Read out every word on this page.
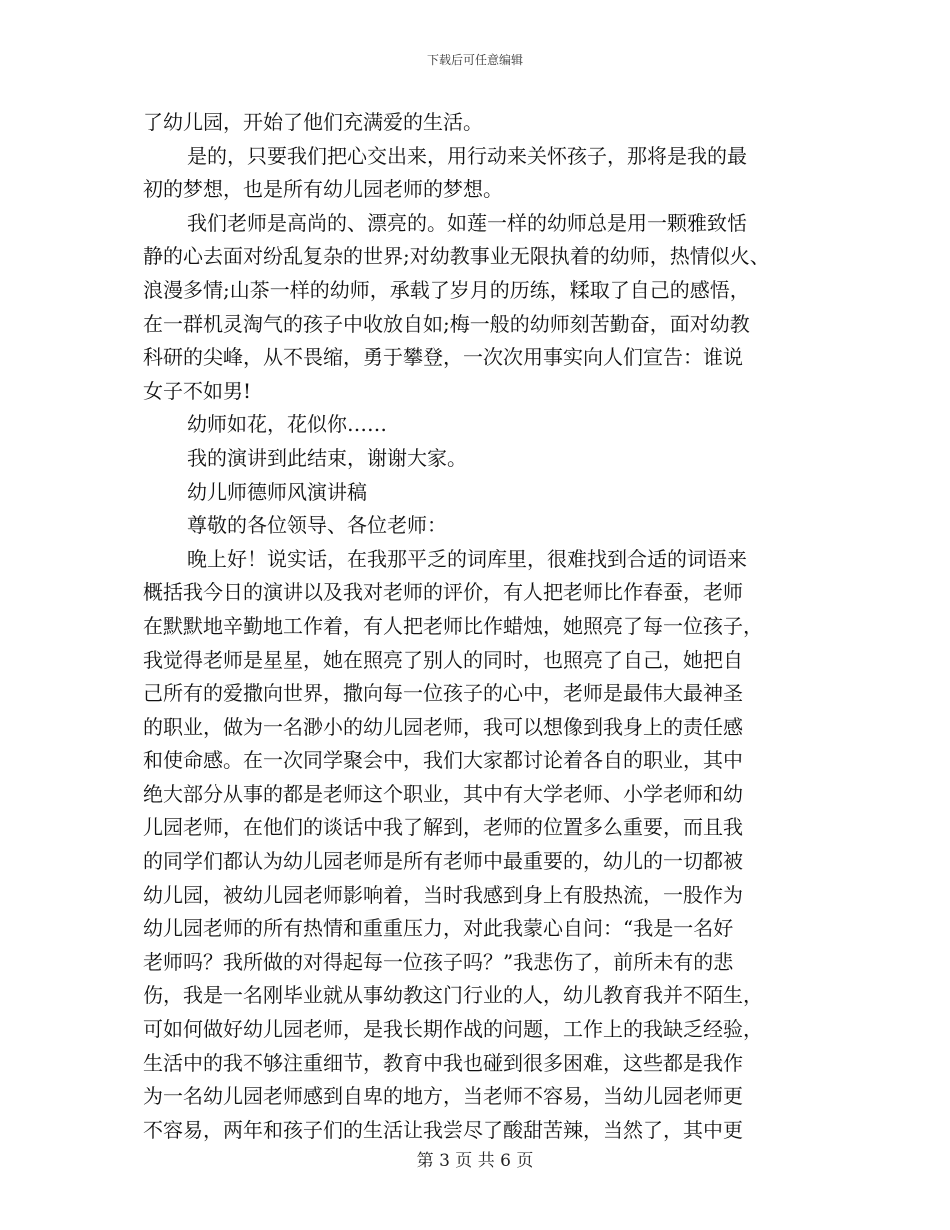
下载后可任意编辑
了幼儿园，开始了他们充满爱的生活。
是的，只要我们把心交出来，用行动来关怀孩子，那将是我的最
初的梦想，也是所有幼儿园老师的梦想。
我们老师是高尚的、漂亮的。如莲一样的幼师总是用一颗雅致恬
静的心去面对纷乱复杂的世界;对幼教事业无限执着的幼师，热情似火、
浪漫多情;山茶一样的幼师，承载了岁月的历练，糅取了自己的感悟，
在一群机灵淘气的孩子中收放自如;梅一般的幼师刻苦勤奋，面对幼教
科研的尖峰，从不畏缩，勇于攀登，一次次用事实向人们宣告：谁说
女子不如男!
幼师如花，花似你……
我的演讲到此结束，谢谢大家。
幼儿师德师风演讲稿
尊敬的各位领导、各位老师：
晚上好！说实话，在我那平乏的词库里，很难找到合适的词语来
概括我今日的演讲以及我对老师的评价，有人把老师比作春蚕，老师
在默默地辛勤地工作着，有人把老师比作蜡烛，她照亮了每一位孩子，
我觉得老师是星星，她在照亮了别人的同时，也照亮了自己，她把自
己所有的爱撒向世界，撒向每一位孩子的心中，老师是最伟大最神圣
的职业，做为一名渺小的幼儿园老师，我可以想像到我身上的责任感
和使命感。在一次同学聚会中，我们大家都讨论着各自的职业，其中
绝大部分从事的都是老师这个职业，其中有大学老师、小学老师和幼
儿园老师，在他们的谈话中我了解到，老师的位置多么重要，而且我
的同学们都认为幼儿园老师是所有老师中最重要的，幼儿的一切都被
幼儿园，被幼儿园老师影响着，当时我感到身上有股热流，一股作为
幼儿园老师的所有热情和重重压力，对此我蒙心自问：“我是一名好
老师吗？我所做的对得起每一位孩子吗？”我悲伤了，前所未有的悲
伤，我是一名刚毕业就从事幼教这门行业的人，幼儿教育我并不陌生，
可如何做好幼儿园老师，是我长期作战的问题，工作上的我缺乏经验，
生活中的我不够注重细节，教育中我也碰到很多困难，这些都是我作
为一名幼儿园老师感到自卑的地方，当老师不容易，当幼儿园老师更
不容易，两年和孩子们的生活让我尝尽了酸甜苦辣，当然了，其中更
第 3 页 共 6 页
